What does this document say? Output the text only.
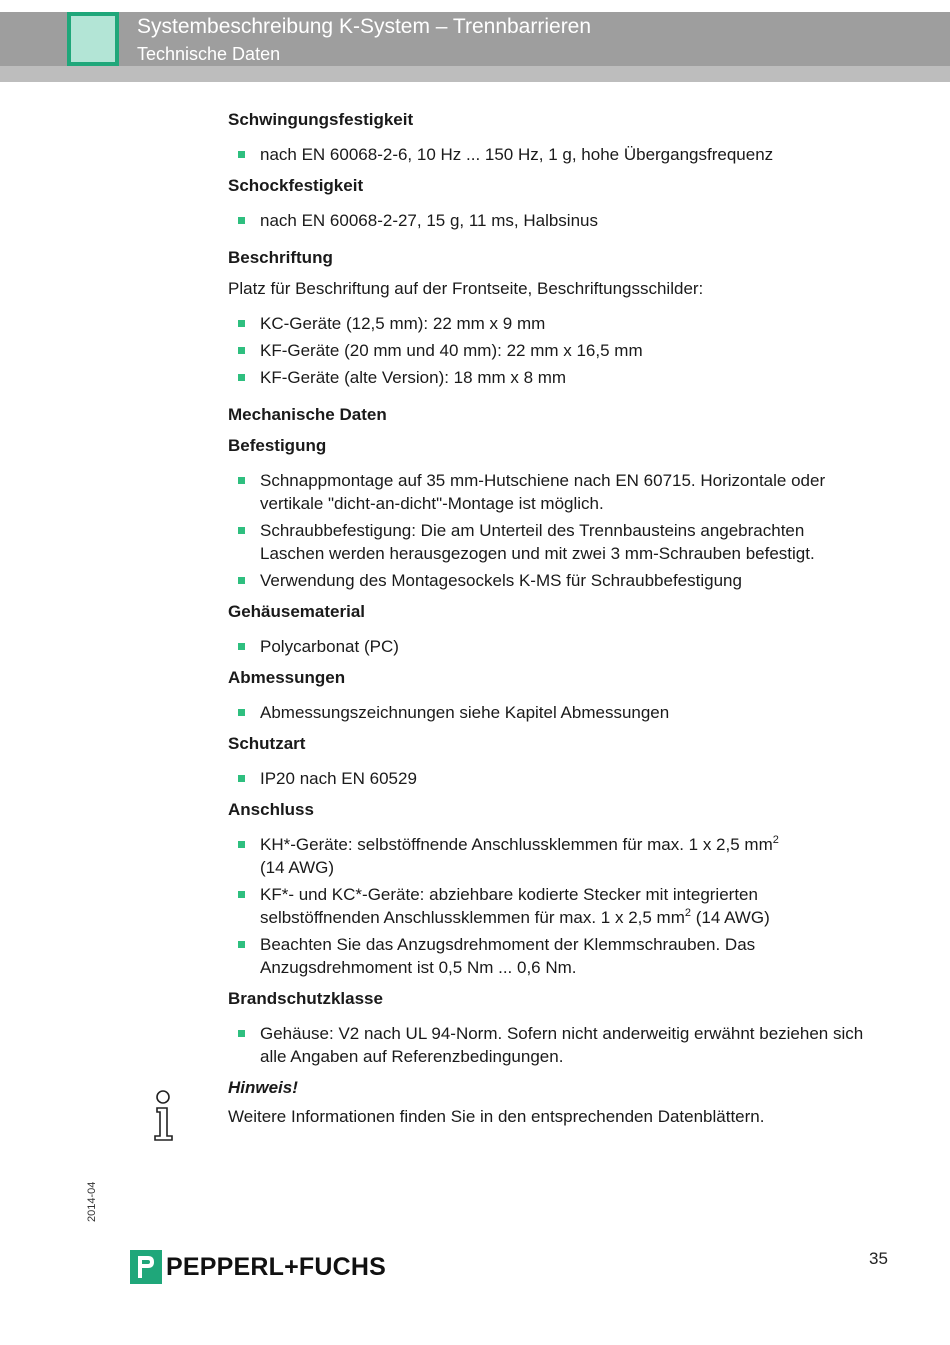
Systembeschreibung K-System – Trennbarrieren
Technische Daten

Schwingungsfestigkeit

nach EN 60068-2-6, 10 Hz ... 150 Hz, 1 g, hohe Übergangsfrequenz

Schockfestigkeit

nach EN 60068-2-27, 15 g, 11 ms, Halbsinus

Beschriftung

Platz für Beschriftung auf der Frontseite, Beschriftungsschilder:

KC-Geräte (12,5 mm): 22 mm x 9 mm
KF-Geräte (20 mm und 40 mm): 22 mm x 16,5 mm
KF-Geräte (alte Version): 18 mm x 8 mm

Mechanische Daten

Befestigung

Schnappmontage auf 35 mm-Hutschiene nach EN 60715. Horizontale oder vertikale "dicht-an-dicht"-Montage ist möglich.
Schraubbefestigung: Die am Unterteil des Trennbausteins angebrachten Laschen werden herausgezogen und mit zwei 3 mm-Schrauben befestigt.
Verwendung des Montagesockels K-MS für Schraubbefestigung

Gehäusematerial

Polycarbonat (PC)

Abmessungen

Abmessungszeichnungen siehe Kapitel Abmessungen

Schutzart

IP20 nach EN 60529

Anschluss

KH*-Geräte: selbstöffnende Anschlussklemmen für max. 1 x 2,5 $mm^2$
(14 AWG)
KF*- und KC*-Geräte: abziehbare kodierte Stecker mit integrierten selbstöffnenden Anschlussklemmen für max. 1 x 2,5 $mm^2$ (14 AWG)
Beachten Sie das Anzugsdrehmoment der Klemmschrauben. Das Anzugsdrehmoment ist 0,5 Nm ... 0,6 Nm.

Brandschutzklasse

Gehäuse: V2 nach UL 94-Norm. Sofern nicht anderweitig erwähnt beziehen sich alle Angaben auf Referenzbedingungen.
Hinweis!
Weitere Informationen finden Sie in den entsprechenden Datenblättern.
2014-04
35
PEPPERL+FUCHS
